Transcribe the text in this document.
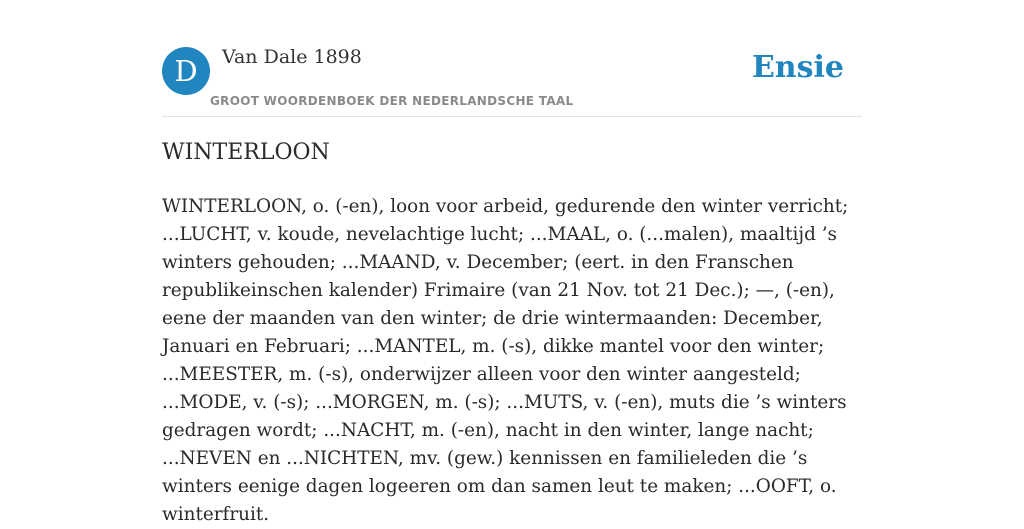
D	Van Dale 1898
GROOT WOORDENBOEK DER NEDERLANDSCHE TAAL
Ensie
WINTERLOON

WINTERLOON, o. (-en), loon voor arbeid, gedurende den winter verricht; ...LUCHT, v. koude, nevelachtige lucht; ...MAAL, o. (...malen), maaltijd ’s winters gehouden; ...MAAND, v. December; (eert. in den Franschen republikeinschen kalender) Frimaire (van 21 Nov. tot 21 Dec.); —, (-en), eene der maanden van den winter; de drie wintermaanden: December, Januari en Februari; ...MANTEL, m. (-s), dikke mantel voor den winter; ...MEESTER, m. (-s), onderwijzer alleen voor den winter aangesteld; ...MODE, v. (-s); ...MORGEN, m. (-s); ...MUTS, v. (-en), muts die ’s winters gedragen wordt; ...NACHT, m. (-en), nacht in den winter, lange nacht; ...NEVEN en ...NICHTEN, mv. (gew.) kennissen en familieleden die ’s winters eenige dagen logeeren om dan samen leut te maken; ...OOFT, o. winterfruit.
